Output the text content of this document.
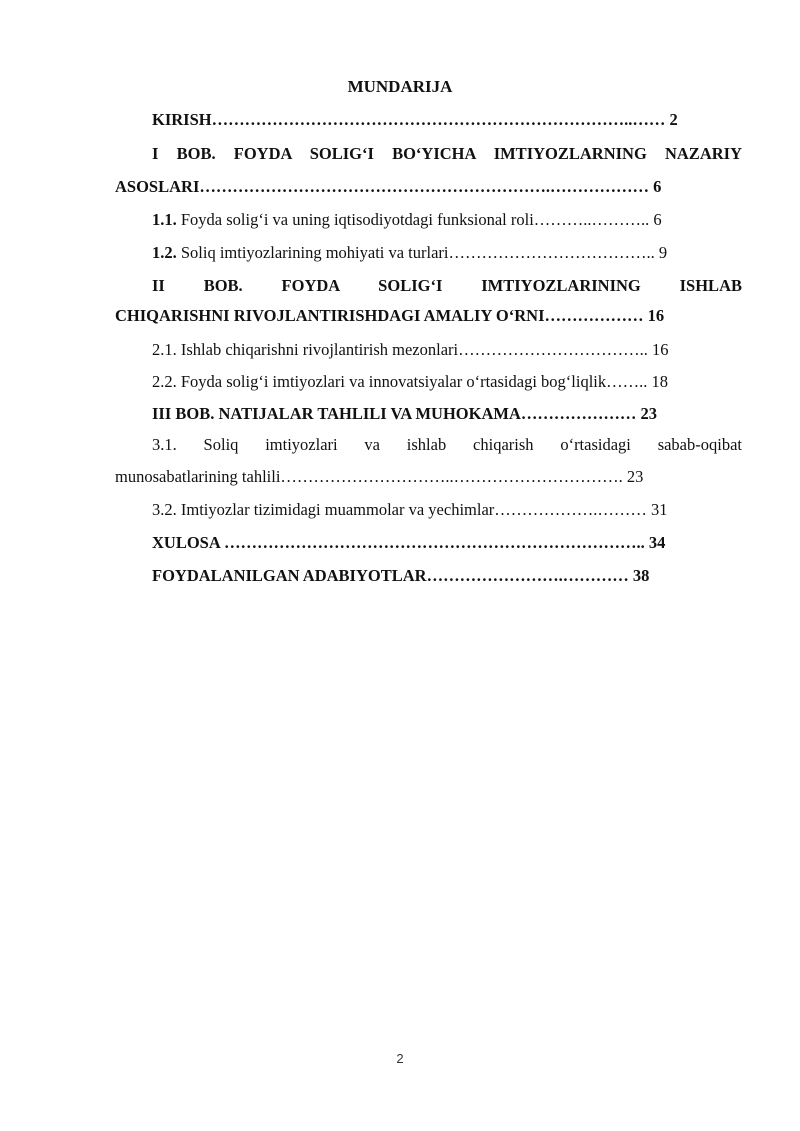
MUNDARIJA
KIRISH…………………………………………………………………..…… 2
I BOB. FOYDA SOLIG‘I BO‘YICHA IMTIYOZLARNING NAZARIY
ASOSLARI……………………………………………………….……………… 6
1.1. Foyda solig‘i va uning iqtisodiyotdagi funksional roli………..……….. 6
1.2. Soliq imtiyozlarining mohiyati va turlari……………………………….. 9
II BOB. FOYDA SOLIG‘I IMTIYOZLARINING ISHLAB
CHIQARISHNI RIVOJLANTIRISHDAGI AMALIY O‘RNI……………… 16
2.1. Ishlab chiqarishni rivojlantirish mezonlari…………………………….. 16
2.2. Foyda solig‘i imtiyozlari va innovatsiyalar o‘rtasidagi bog‘liqlik…….. 18
III BOB. NATIJALAR TAHLILI VA MUHOKAMA………………… 23
3.1. Soliq imtiyozlari va ishlab chiqarish o‘rtasidagi sabab-oqibat
munosabatlarining tahlili…………………………..…………………………. 23
3.2. Imtiyozlar tizimidagi muammolar va yechimlar……………….……… 31
XULOSA ………………………………………………………………….. 34
FOYDALANILGAN ADABIYOTLAR…………………….………… 38
2
